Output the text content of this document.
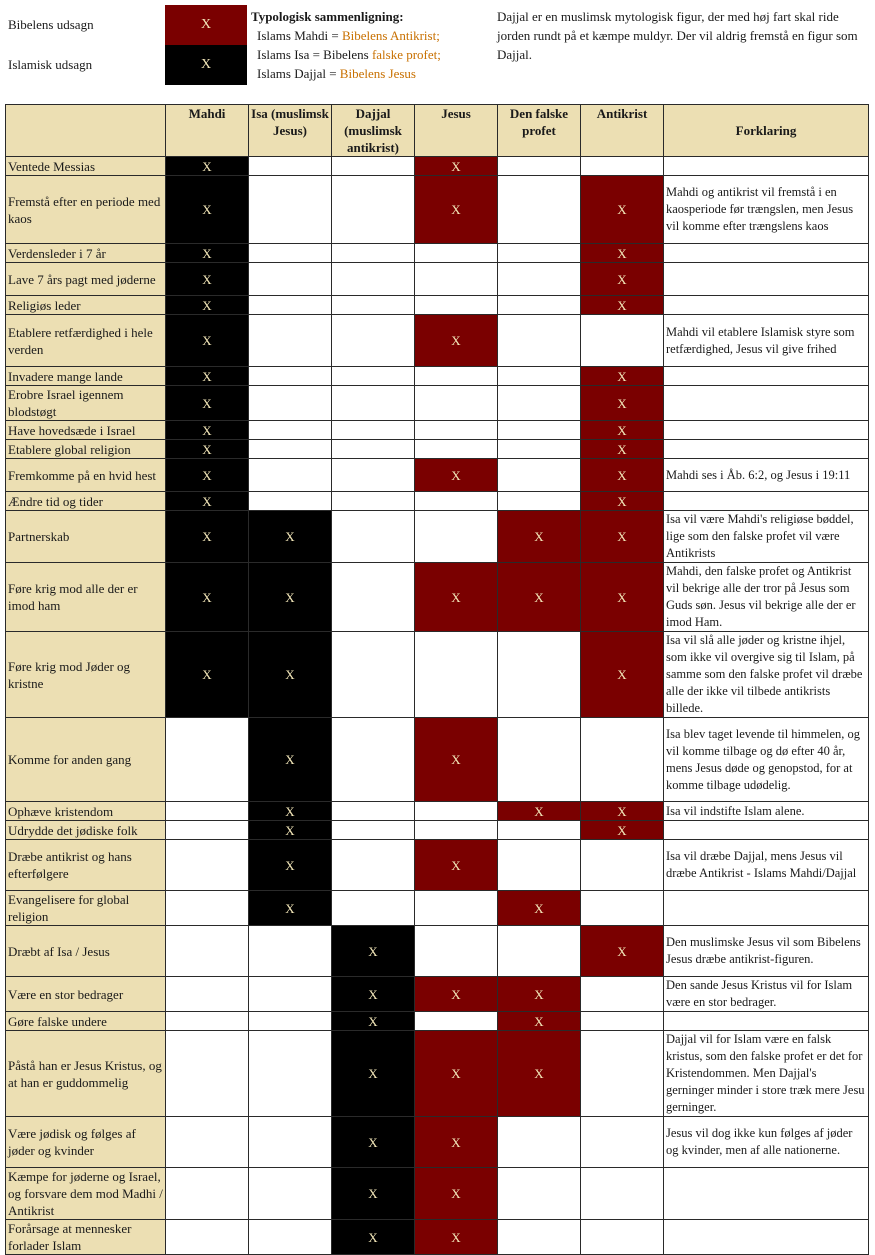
Bibelens udsagn
Islamisk udsagn
X
X
Typologisk sammenligning:
Islams Mahdi = Bibelens Antikrist;
Islams Isa = Bibelens falske profet;
Islams Dajjal = Bibelens Jesus
Dajjal er en muslimsk mytologisk figur, der med høj fart skal ride jorden rundt på et kæmpe muldyr. Der vil aldrig fremstå en figur som Dajjal.
	Mahdi	Isa (muslimsk Jesus)	Dajjal (muslimsk antikrist)	Jesus	Den falske profet	Antikrist	Forklaring
Ventede Messias	X			X			
Fremstå efter en periode med kaos	X			X		X	Mahdi og antikrist vil fremstå i en kaosperiode før trængslen, men Jesus vil komme efter trængslens kaos
Verdensleder i 7 år	X					X	
Lave 7 års pagt med jøderne	X					X	
Religiøs leder	X					X	
Etablere retfærdighed i hele verden	X			X			Mahdi vil etablere Islamisk styre som retfærdighed, Jesus vil give frihed
Invadere mange lande	X					X	
Erobre Israel igennem blodstøgt	X					X	
Have hovedsæde i Israel	X					X	
Etablere global religion	X					X	
Fremkomme på en hvid hest	X			X		X	Mahdi ses i Åb. 6:2, og Jesus i 19:11
Ændre tid og tider	X					X	
Partnerskab	X	X			X	X	Isa vil være Mahdi's religiøse bøddel, lige som den falske profet vil være Antikrists
Føre krig mod alle der er imod ham	X	X		X	X	X	Mahdi, den falske profet og Antikrist vil bekrige alle der tror på Jesus som Guds søn. Jesus vil bekrige alle der er imod Ham.
Føre krig mod Jøder og kristne	X	X				X	Isa vil slå alle jøder og kristne ihjel, som ikke vil overgive sig til Islam, på samme som den falske profet vil dræbe alle der ikke vil tilbede antikrists billede.
Komme for anden gang		X		X			Isa blev taget levende til himmelen, og vil komme tilbage og dø efter 40 år, mens Jesus døde og genopstod, for at komme tilbage udødelig.
Ophæve kristendom		X			X	X	Isa vil indstifte Islam alene.
Udrydde det jødiske folk		X				X	
Dræbe antikrist og hans efterfølgere		X		X			Isa vil dræbe Dajjal, mens Jesus vil dræbe Antikrist - Islams Mahdi/Dajjal
Evangelisere for global religion		X			X		
Dræbt af Isa / Jesus			X			X	Den muslimske Jesus vil som Bibelens Jesus dræbe antikrist-figuren.
Være en stor bedrager			X	X	X		Den sande Jesus Kristus vil for Islam være en stor bedrager.
Gøre falske undere			X		X		
Påstå han er Jesus Kristus, og at han er guddommelig			X	X	X		Dajjal vil for Islam være en falsk kristus, som den falske profet er det for Kristendommen. Men Dajjal's gerninger minder i store træk mere Jesu gerninger.
Være jødisk og følges af jøder og kvinder			X	X			Jesus vil dog ikke kun følges af jøder og kvinder, men af alle nationerne.
Kæmpe for jøderne og Israel, og forsvare dem mod Madhi / Antikrist			X	X			
Forårsage at mennesker forlader Islam			X	X			
